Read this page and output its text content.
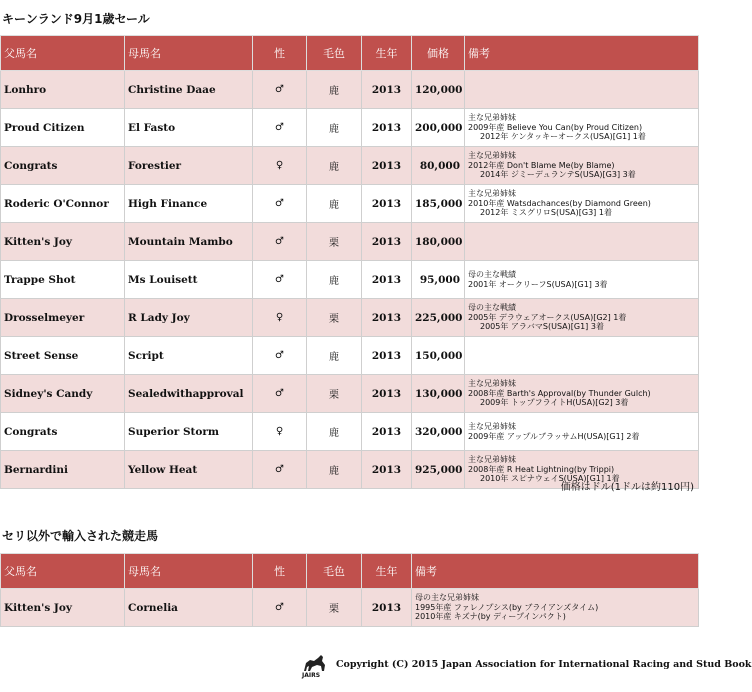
キーンランド9月1歳セール
父馬名	母馬名	性	毛色	生年	価格	備考
Lonhro	Christine Daae	♂	鹿	2013	120,000	
Proud Citizen	El Fasto	♂	鹿	2013	200,000	主な兄弟姉妹
2009年産 Believe You Can(by Proud Citizen)
2012年 ケンタッキーオークス(USA)[G1] 1着

Congrats	Forestier	♀	鹿	2013	80,000	主な兄弟姉妹
2012年産 Don't Blame Me(by Blame)
2014年 ジミーデュランテS(USA)[G3] 3着

Roderic O'Connor	High Finance	♂	鹿	2013	185,000	主な兄弟姉妹
2010年産 Watsdachances(by Diamond Green)
2012年 ミスグリロS(USA)[G3] 1着

Kitten's Joy	Mountain Mambo	♂	栗	2013	180,000	
Trappe Shot	Ms Louisett	♂	鹿	2013	95,000	母の主な戦績
2001年 オークリーフS(USA)[G1] 3着

Drosselmeyer	R Lady Joy	♀	栗	2013	225,000	母の主な戦績
2005年 デラウェアオークス(USA)[G2] 1着
2005年 アラバマS(USA)[G1] 3着

Street Sense	Script	♂	鹿	2013	150,000	
Sidney's Candy	Sealedwithapproval	♂	栗	2013	130,000	主な兄弟姉妹
2008年産 Barth's Approval(by Thunder Gulch)
2009年 トップフライトH(USA)[G2] 3着

Congrats	Superior Storm	♀	鹿	2013	320,000	主な兄弟姉妹
2009年産 アップルブラッサムH(USA)[G1] 2着

Bernardini	Yellow Heat	♂	鹿	2013	925,000	主な兄弟姉妹
2008年産 R Heat Lightning(by Trippi)
2010年 スピナウェイS(USA)[G1] 1着
価格はドル(1ドルは約110円)
セリ以外で輸入された競走馬
父馬名	母馬名	性	毛色	生年	備考
Kitten's Joy	Cornelia	♂	栗	2013	母の主な兄弟姉妹
1995年産 ファレノプシス(by ブライアンズタイム)
2010年産 キズナ(by ディープインパクト)
JAIRS
Copyright (C) 2015 Japan Association for International Racing and Stud Book
